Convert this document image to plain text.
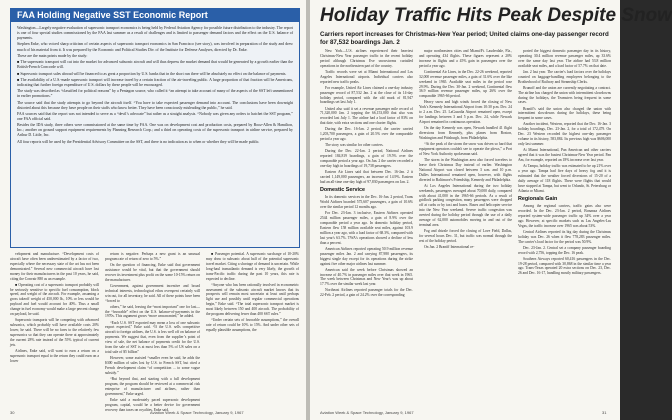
FAA Holding Negative SST Economic Report

Washington—Largely negative evaluation of supersonic transport economics is being held by Federal Aviation Agency for possible future distribution to the industry. The report is one of four special studies commissioned by the FAA last summer as a result of challenges and is limited to passenger demand factors and the effect on the U.S. balance of payments.

Stephen Enke, who voiced sharp criticism of certain aspects of supersonic transport economics in San Francisco (see story), was involved in preparation of the study and drew much of his material from it. It was prepared by the Economic and Political Studies Div. of the Institute for Defense Analyses, directed by Dr. Enke.

These are the main points made by the study:

■ The supersonic transport will cut into the market for advanced subsonic aircraft and will thus depress the market demand that would be generated by a growth earlier than the British-French Concorde will.

■ Supersonic transport sales abroad will be financed to as great a proportion by U.S. banks that in the short run there will be absolutely no effect on the balance of payments.

■ The availability of a U.S.-made supersonic transport will increase travel by a certain fraction of the air-traveling public. A large proportion of that fraction will be Americans, indicating that further foreign expenditure of U.S. dollars by these people will be encouraged.

The study was described as “classified for political reasons” by a Pentagon source, who called it “an attempt to take account of many of the aspects of the SST left unmentioned in earlier promotions.”

The source said that the study attempts to go beyond the aircraft itself. “You have to take expected passenger demand into account. The conclusions have been downright distorted about this because they have people on their staffs who know better. They have been consciously misleading the public,” he said.

FAA sources said that the report was not intended to serve as a “devil’s advocate” but rather as a straight analysis. “Nobody was given any orders to hatchet the SST program,” one FAA official said.

Besides the IDA study, three others were commissioned at the same time by FAA. One was on development cost and production costs, prepared by Booz-Allen & Hamilton, Inc.; another on ground support equipment requirements by Planning Research Corp.; and a third on operating costs of the supersonic transport in airline service, prepared by Arthur D. Little, Inc.

All four reports will be used by the Presidential Advisory Committee on the SST, and there is no indication as to when or whether they will be made public.

velopment and manufacture. “Development costs of aircraft have often been underestimated by a factor of two, especially where the necessary state of the art has not been demonstrated.” Several new commercial aircraft have lost money for their manufacturers in the past 10 years, he said, citing the Convair 880 as an example.

■ Operating cost of a supersonic transport probably will be seriously sensitive to specific fuel consumption, block speed, and weight of the aircraft. For example, assuming a gross takeoff weight of 450,000 lb., 10% or less would be payload and fuel would account for 40%. Thus a small change in fuel economy would make a large percent change on payload, he said.

Supersonic transports will be competing with advanced subsonics, which probably will have available costs 20% lower, he said. There will be no fares to the relatively few supersonics so that they can operate there at approximately the current 28% rate instead of the 55% typical of current jets.

Airlines, Enke said, will want to earn a return on a supersonic transport equal to the return they could earn on a lower

return is negative. Perhaps a new grant is an unusual program rate of return of zero to 5%.”

On the question of financing, Enke said that government assistance would be vital, but that the government should recover its investment plus profit on the some 10-15% return on the manufacturer.

Government, against government incentive and broad technical interests, technological ethos overspent certainly will win out, for all inventory, he said. All of these points have been “forced to

others,” he said, leaving the “most important” one for last—the “favorable” effect on the U.S. balance-of-payments in the 1970s. This argument grows “more unwarranted,” he added.

“Each U.S. SST exported may mean a loss of one subsonic export expected,” Enke said. “If the U.S. sells competitive aircraft to foreign airlines, the U.S. is less well off on balance of payments. We suggest that, even from the supplier’s point of view of sale, the net balance of payments credit for the U.S. from the sale of SST is at most less than 5% of US sales on a total sale of $5 billion”

However, some assisted “smaller even he said, he adds the $300 million of sales lost by U.S. to French SST, but cited a French development claim “of competition ... to some vague subsidy.”

“But beyond that, and starting with a full development program, the program should be reviewed at a commercial risk enterprise of manufacturer and airlines, rather than government,” Enke urged.

Enke said a moderately paced supersonic development program, capital, would be a better device for government recovery than taxes on royalties, Enke said.

■ Passenger potential. A supersonic surcharge of 10-20% may draw to subsonic about half of the potential supersonic travel market. Citing a shortage of demand is uncertain. While long-haul transatlantic demand is very likely, the growth of trans-Pacific traffic during the past 10 years, this rate is expected to decline.

“Anyone who has been rationally involved in econometric assessment of the subsonic aircraft market knows that its prospects will remain most uncertain at least until perhaps light use and possibly until regular commercial operations begin,” Enke said. “The total supersonic transport market is most likely between 150 and 400 aircraft. The probability of the program delivering fewer than 400 SST rules.”

“Under certain sets of favorable assumptions,” the overall rate of return could be 10% to 15%. And under other sets of equally plausible assumptions, the

30	Aviation Week & Space Technology, January 9, 1967
Holiday Traffic Hits Peak Despite Snow
Carriers report increases for Christmas-New Year period; United claims one-day passenger record for 87,532 boardings Jan. 2

New York—U.S. airlines experienced their heaviest Christmas-New Year passenger traffic in the recent holiday period although Christmas Eve snowstorms curtailed operations in the northeastern part of the country.

Traffic records were set at Miami International and Los Angeles International airports. Individual carriers also reported new traffic peaks.

For example, United Air Lines claimed a one-day industry passenger record of 87,532 Jan. 2 at the close of its 14-day holiday period, compared with the old mark of 81,947 boardings set last July 1.

United also said it set a revenue passenger mile record of 71,320,000 Jan. 2 topping the 66,153,000 that also was recorded last July 1. The airline had a load factor of 83% on that date, with extra sections and one charter flights.

During the Dec. 16-Jan. 2 period, the carrier carried 1,203,700 passengers, a gain of 20.5% over the comparable period a year ago.

The story was similar for other carriers.

During the Dec. 22-Jan. 2 period, National Airlines reported 184,819 boardings, a gain of 19.5% over the comparable period a year ago. On Jan. 2 the carrier recorded a one-day high in boardings of 19,738 passengers.

Eastern Air Lines said that between Dec. 16-Jan. 2 it carried 1,149,000 passengers, an increase of 14.9%. Eastern had an all-time one-day high of 97,830 passengers on Jan. 2.

Domestic Service

In its domestic services in the Dec. 16-Jan. 2 period, Trans World Airlines boarded 575,607 passengers, a gain of 10.6% over the similar period 12 months ago.

For Dec. 23-Jan. 3 inclusive, Eastern Airlines operated 2544 million passenger miles, a gain of 8.9% over the comparable period a year ago. In domestic holiday period, Eastern flew 158 million available seat miles, against 103.9 million a year ago, with a load factor of 68.3%, compared with last year's 63.7%. TWA's operations showed a decline of less than a percent.

American Airlines reported operating 50.9 million revenue passenger miles Jan. 2 and carrying 87,980 passengers, its biggest single day except for its operations during the strike against five other major airlines last summer.

American said the week before Christmas showed an increase of 40.7% in passenger miles over that week in 1965. The week between Christmas and New Year's was up about 17.7% over the similar week last year.

Northeast Airlines reported passenger totals for the Dec. 22-Feb. 2 period, a gain of 24.2% over the corresponding

major northeastern cities and Miami/Ft. Lauderdale, Fla., and operating 434 flights. These figures represent a 20% increase in flights and a 45% gain in passengers over the period a year ago.

Continental Air Lines, in the Dec. 22-26 weekend, reported 32,000 revenue passenger miles, a gain of 31.6% over the like weekend in 1965. Available seat miles in the period rose 29.9%. During the Dec. 30-Jan. 2 weekend, Continental flew 36.9 million revenue passenger miles, up 26% over the comparable 1965-66 period.

Heavy snow and high winds forced the closing of New York's Kennedy International Airport from 10:30 p.m. Dec. 24 to 2 a.m. Dec. 25. LaGuardia Airport remained open, except for landings between 3 and 5 p.m. Dec. 24, while Newark Airport remained in continuous operation.

On the day Kennedy was open, Newark handled 41 flight diversions from Kennedy, plus planes from Boston, Washington and Pittsburgh, from Philadelphia.

“At the peak of the storm the snow was driven so hard that equipment operators couldn't see to operate the plows,” a Port of New York Authority spokesman said.

The storm in the Washington area also forced travelers to leave their Christmas Day instead of earlier. Washington National Airport was closed between 3 a.m. and 10 p.m. Dulles International remained open, however, with flights diverted to Baltimore's Friendship, Kennedy and Philadelphia.

At Los Angeles International during the two holiday weekends, passengers averaged about 70,000 daily, compared with about 41,000 in the 1965-66 periods. As a result of gridlock parking congestion, many passengers were dropped off at curbs or by taxi and buses. Buses and helicopter service into the New Year weekend. Severe traffic congestion was averted during the holiday period through the use of a daily average of 62,000 automobiles moving in and out of the terminal area.

Fog and drizzle forced the closing of Love Field, Dallas, for several hours Dec. 31, but traffic was normal through the rest of the holiday period.

On Jan. 2 Braniff International re-

ported the biggest domestic passenger day in its history, operating 30.4 million revenue passenger miles, up 33.6% over the same day last year. The airline had 53.8 million available seat miles, and a load factor of 57.7% on that date.

Jan. 2 last year. The carrier's load factors over the holidays counted on baggage-handling employees belonging to the Brotherhood of Railway and Steamship Clerks.

Brunoff and the union are currently negotiating a contract. The airline has charged the union with intermittent slowdowns during the holidays, the Teamsters being frequent in some cases.

Braniff's said the union also charged the union with intermittent slowdowns during the holidays, these being frequent in some cases.

Another incident, Western, reported that the Dec. 16-Jan. 3 holiday boardings, Dec. 23-Jan. 2, for a total of 172,479. On Dec. 23 Western recorded the highest one-day passenger volume in its history, 583,884. Its previous high was $606,000 only last summer.

At Miami International, Pan American and other carriers agreed that it was the busiest Christmas-New Year period. Pan Am, for example, reported an 18% increase over last year.

At Tampa, holiday traffic was estimated to be up 21% over a year ago. Tampa had five days of heavy fog and it is estimated that the weather forced diversions of 15-20 of a daily average of 118 flights. These were flights that would have stopped at Tampa, but went to Orlando, St. Petersburg or Atlanta or Miami.

Regionals Gain

Among the regional carriers, traffic gains also were recorded. In the Dec. 23-Jan. 2 period, Bonanza Airlines reported system-wide passenger traffic up 34% over a year ago. However, at specific markets such as Las Angeles-Las Vegas, the traffic increase over 1965 was about 53%.

Central Airlines reported its big day during the Christmas holiday was Dec. 26 when it flew 778,283 passenger miles. The carrier's load factor for the period was 50.9%.

Dec. 23-Jan. 2. Central set a company passenger boarding record with 2,756, topping the Dec. 16 peak.

Southern Airways reported 60,416 passengers in the Dec. 19-28 period, compared with 30,868 in the similar time a year ago. Trans-Texas operated 20 extra sections on Dec. 23, Dec. 26 and Dec. 16-17, handling mostly military passengers.

Aviation Week & Space Technology, January 9, 1967	31
